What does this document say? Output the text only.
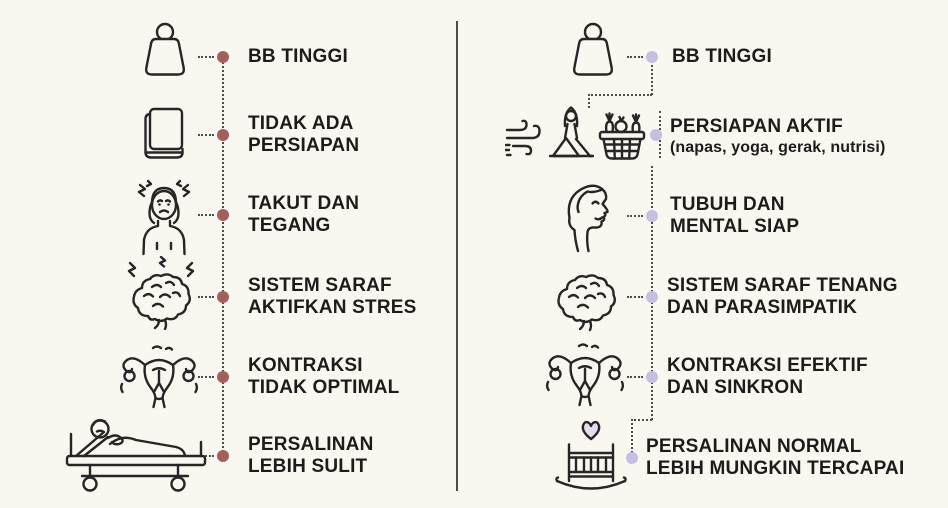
BB TINGGI
TIDAK ADA
PERSIAPAN
TAKUT DAN
TEGANG
SISTEM SARAF
AKTIFKAN STRES
KONTRAKSI
TIDAK OPTIMAL
PERSALINAN
LEBIH SULIT
BB TINGGI
PERSIAPAN AKTIF
(napas, yoga, gerak, nutrisi)
TUBUH DAN
MENTAL SIAP
SISTEM SARAF TENANG
DAN PARASIMPATIK
KONTRAKSI EFEKTIF
DAN SINKRON
PERSALINAN NORMAL
LEBIH MUNGKIN TERCAPAI
